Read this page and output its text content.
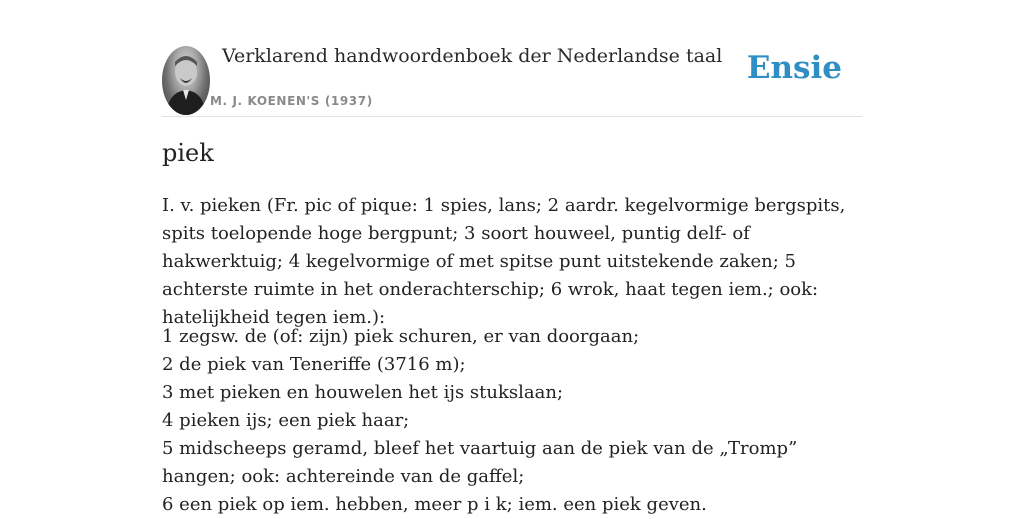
Verklarend handwoordenboek der Nederlandse taal
M. J. KOENEN'S (1937)
Ensie
piek

I. v. pieken (Fr. pic of pique: 1 spies, lans; 2 aardr. kegelvormige bergspits, spits toelopende hoge bergpunt; 3 soort houweel, puntig delf- of hakwerktuig; 4 kegelvormige of met spitse punt uitstekende zaken; 5 achterste ruimte in het onderachterschip; 6 wrok, haat tegen iem.; ook: hatelijkheid tegen iem.):

1 zegsw. de (of: zijn) piek schuren, er van doorgaan;
2 de piek van Teneriffe (3716 m);
3 met pieken en houwelen het ijs stukslaan;
4 pieken ijs; een piek haar;
5 midscheeps geramd, bleef het vaartuig aan de piek van de „Tromp” hangen; ook: achtereinde van de gaffel;
6 een piek op iem. hebben, meer p i k; iem. een piek geven.
